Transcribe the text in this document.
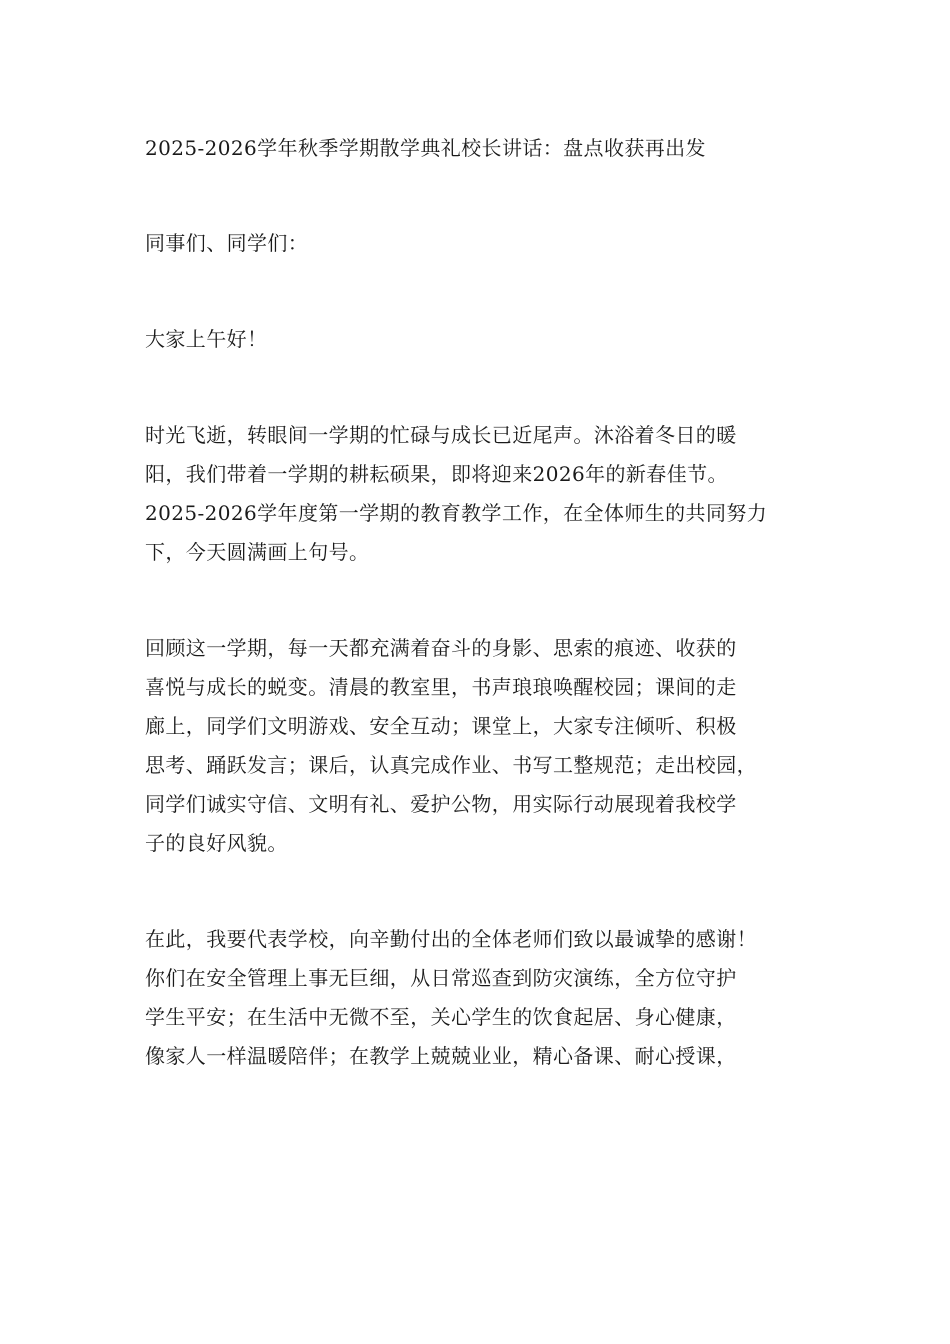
2025-2026学年秋季学期散学典礼校长讲话：盘点收获再出发

同事们、同学们：

大家上午好！

时光飞逝，转眼间一学期的忙碌与成长已近尾声。沐浴着冬日的暖
阳，我们带着一学期的耕耘硕果，即将迎来2026年的新春佳节。
2025-2026学年度第一学期的教育教学工作，在全体师生的共同努力
下，今天圆满画上句号。

回顾这一学期，每一天都充满着奋斗的身影、思索的痕迹、收获的
喜悦与成长的蜕变。清晨的教室里，书声琅琅唤醒校园；课间的走
廊上，同学们文明游戏、安全互动；课堂上，大家专注倾听、积极
思考、踊跃发言；课后，认真完成作业、书写工整规范；走出校园，
同学们诚实守信、文明有礼、爱护公物，用实际行动展现着我校学
子的良好风貌。

在此，我要代表学校，向辛勤付出的全体老师们致以最诚挚的感谢！
你们在安全管理上事无巨细，从日常巡查到防灾演练，全方位守护
学生平安；在生活中无微不至，关心学生的饮食起居、身心健康，
像家人一样温暖陪伴；在教学上兢兢业业，精心备课、耐心授课，
